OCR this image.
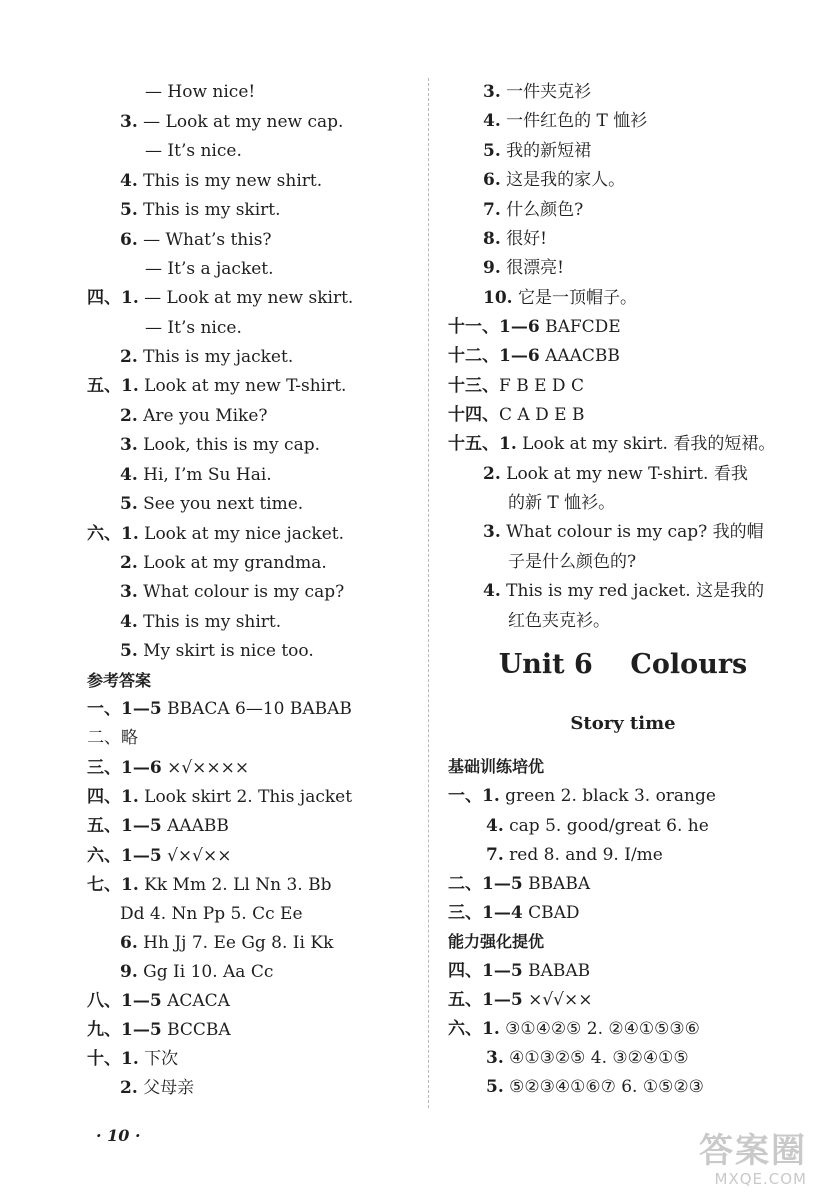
— How nice!
3. — Look at my new cap.
— It’s nice.
4. This is my new shirt.
5. This is my skirt.
6. — What’s this?
— It’s a jacket.
四、1. — Look at my new skirt.
— It’s nice.
2. This is my jacket.
五、1. Look at my new T-shirt.
2. Are you Mike?
3. Look, this is my cap.
4. Hi, I’m Su Hai.
5. See you next time.
六、1. Look at my nice jacket.
2. Look at my grandma.
3. What colour is my cap?
4. This is my shirt.
5. My skirt is nice too.
参考答案
一、1—5 BBACA 6—10 BABAB
二、略
三、1—6 ×√××××
四、1. Look skirt 2. This jacket
五、1—5 AAABB
六、1—5 √×√××
七、1. Kk Mm 2. Ll Nn 3. Bb
Dd 4. Nn Pp 5. Cc Ee
6. Hh Jj 7. Ee Gg 8. Ii Kk
9. Gg Ii 10. Aa Cc
八、1—5 ACACA
九、1—5 BCCBA
十、1. 下次
2. 父母亲
Unit 6    Colours
Story time
3. 一件夹克衫
4. 一件红色的 T 恤衫
5. 我的新短裙
6. 这是我的家人。
7. 什么颜色?
8. 很好!
9. 很漂亮!
10. 它是一顶帽子。
十一、1—6 BAFCDE
十二、1—6 AAACBB
十三、F B E D C
十四、C A D E B
十五、1. Look at my skirt. 看我的短裙。
2. Look at my new T-shirt. 看我
的新 T 恤衫。
3. What colour is my cap? 我的帽
子是什么颜色的?
4. This is my red jacket. 这是我的
红色夹克衫。
基础训练培优
一、1. green 2. black 3. orange
4. cap 5. good/great 6. he
7. red 8. and 9. I/me
二、1—5 BBABA
三、1—4 CBAD
能力强化提优
四、1—5 BABAB
五、1—5 ×√√××
六、1. ③①④②⑤ 2. ②④①⑤③⑥
3. ④①③②⑤ 4. ③②④①⑤
5. ⑤②③④①⑥⑦ 6. ①⑤②③
· 10 ·	答案圈
MXQE.COM
